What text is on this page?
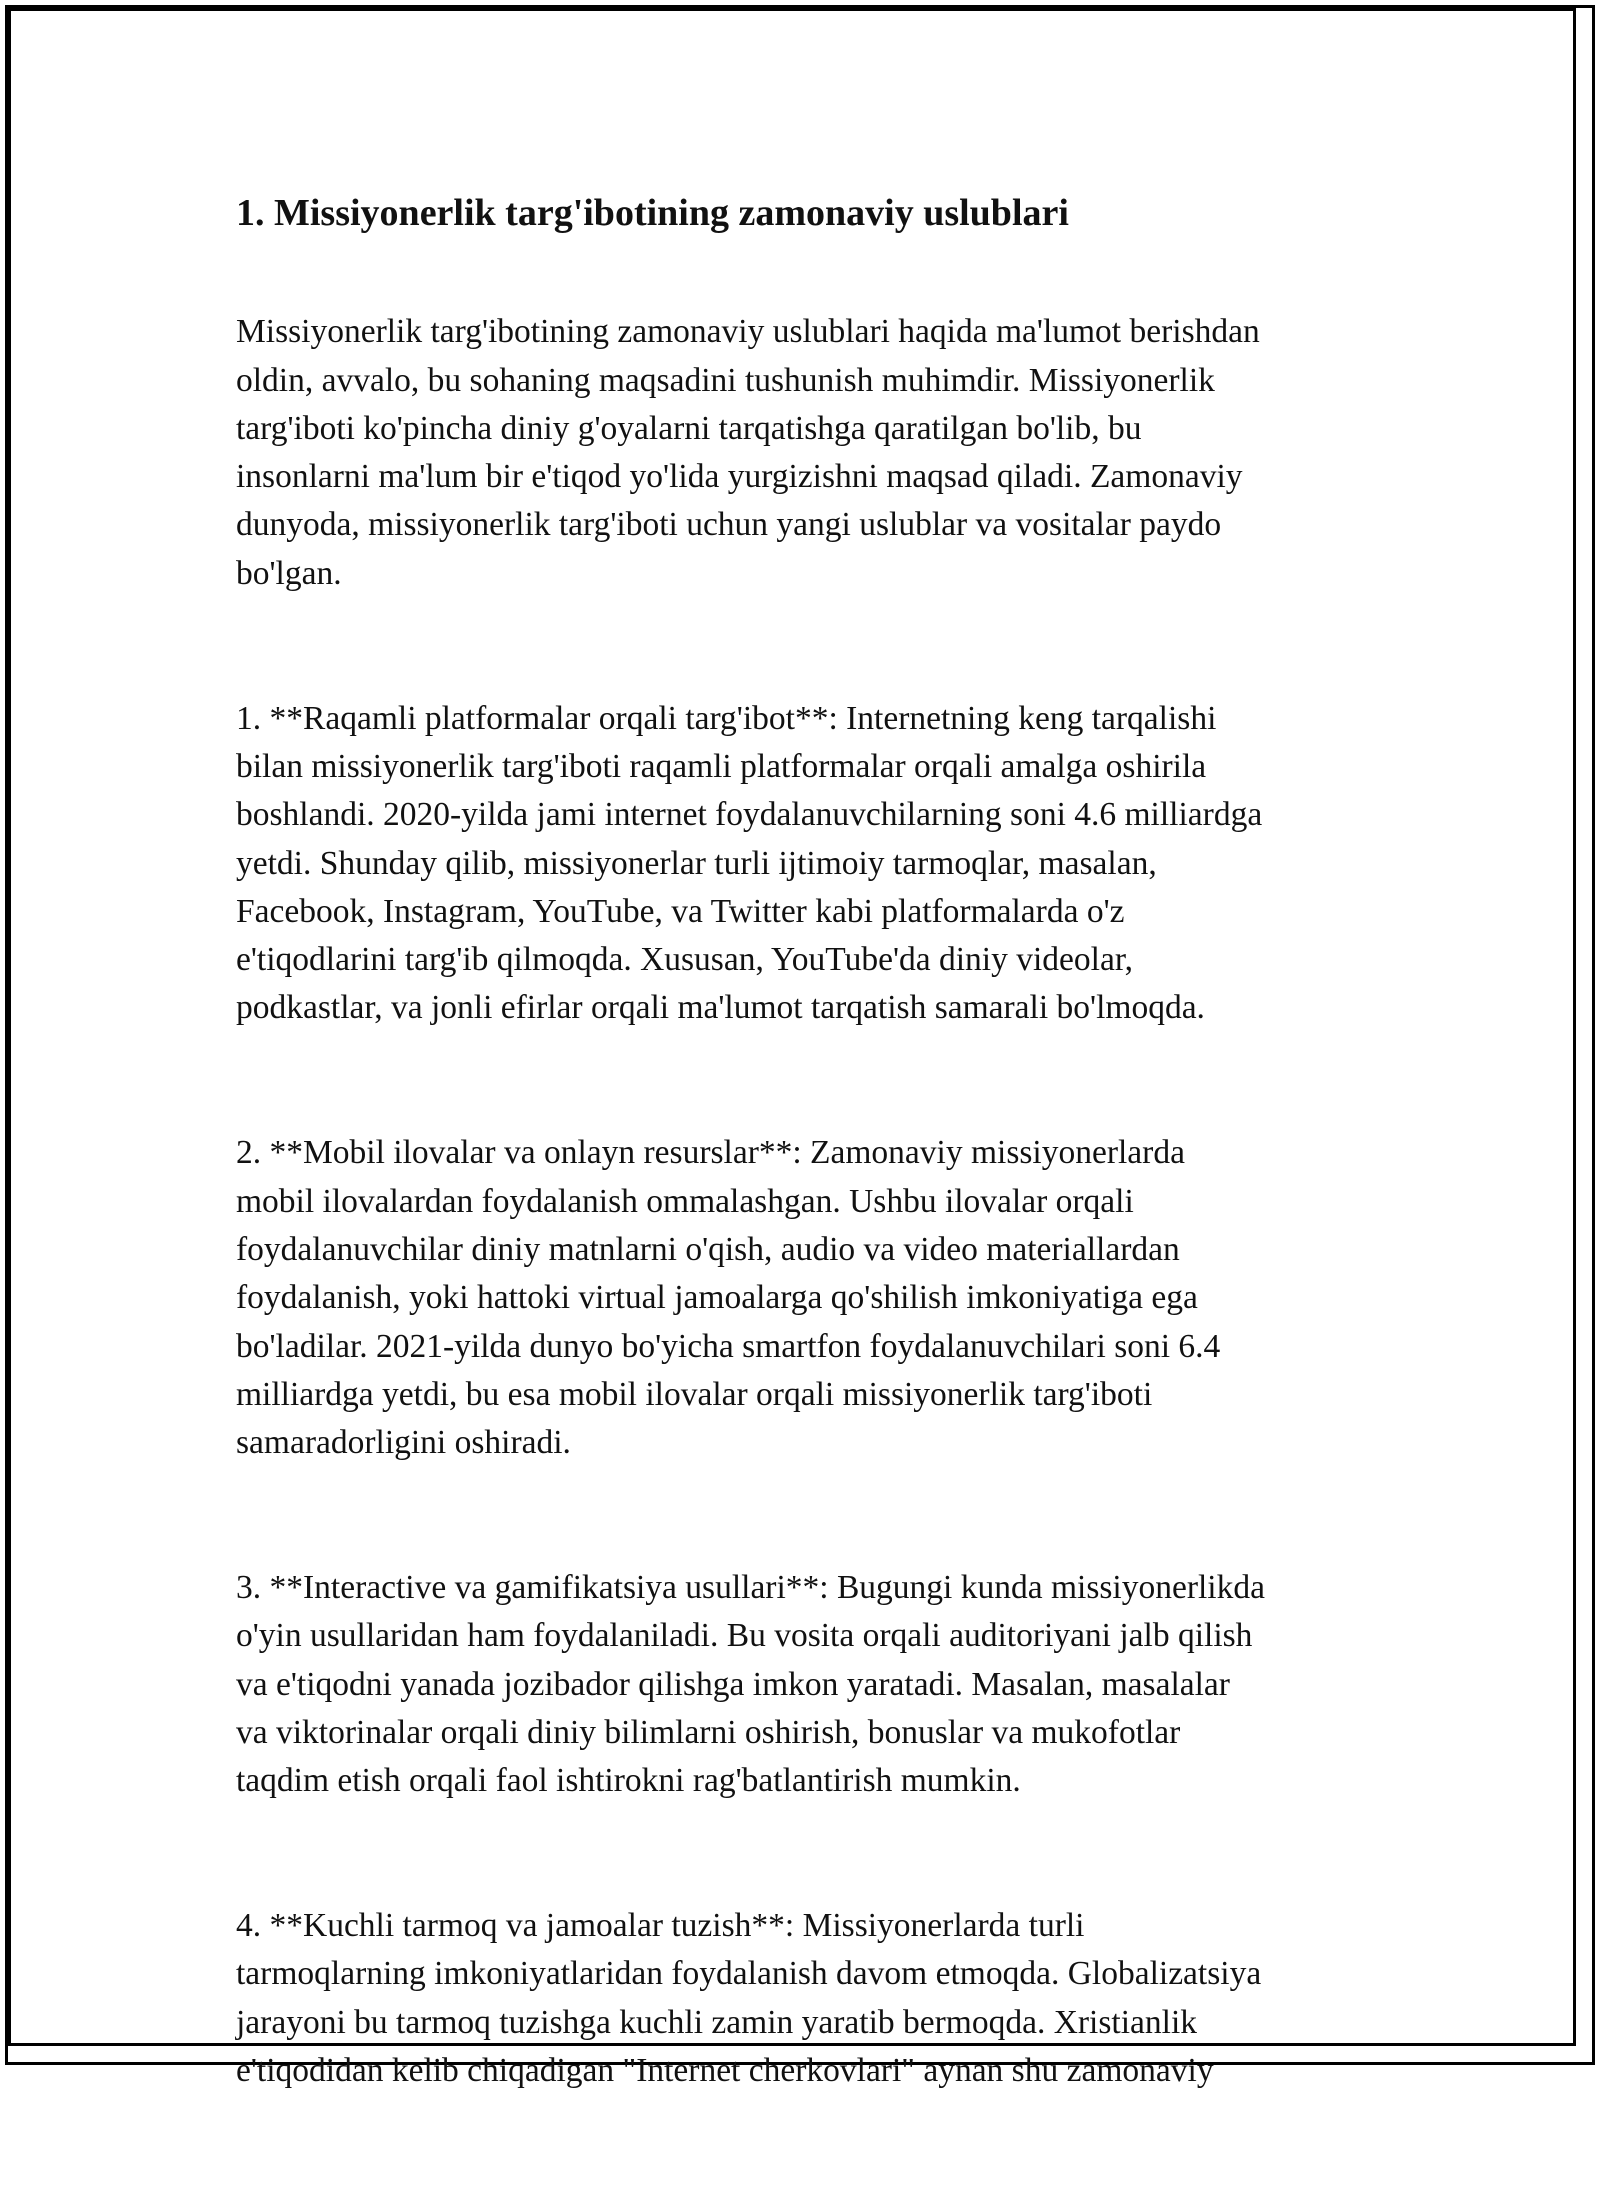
1. Missiyonerlik targ'ibotining zamonaviy uslublari

Missiyonerlik targ'ibotining zamonaviy uslublari haqida ma'lumot berishdan
oldin, avvalo, bu sohaning maqsadini tushunish muhimdir. Missiyonerlik
targ'iboti ko'pincha diniy g'oyalarni tarqatishga qaratilgan bo'lib, bu
insonlarni ma'lum bir e'tiqod yo'lida yurgizishni maqsad qiladi. Zamonaviy
dunyoda, missiyonerlik targ'iboti uchun yangi uslublar va vositalar paydo
bo'lgan.

1. **Raqamli platformalar orqali targ'ibot**: Internetning keng tarqalishi
bilan missiyonerlik targ'iboti raqamli platformalar orqali amalga oshirila
boshlandi. 2020-yilda jami internet foydalanuvchilarning soni 4.6 milliardga
yetdi. Shunday qilib, missiyonerlar turli ijtimoiy tarmoqlar, masalan,
Facebook, Instagram, YouTube, va Twitter kabi platformalarda o'z
e'tiqodlarini targ'ib qilmoqda. Xususan, YouTube'da diniy videolar,
podkastlar, va jonli efirlar orqali ma'lumot tarqatish samarali bo'lmoqda.

2. **Mobil ilovalar va onlayn resurslar**: Zamonaviy missiyonerlarda
mobil ilovalardan foydalanish ommalashgan. Ushbu ilovalar orqali
foydalanuvchilar diniy matnlarni o'qish, audio va video materiallardan
foydalanish, yoki hattoki virtual jamoalarga qo'shilish imkoniyatiga ega
bo'ladilar. 2021-yilda dunyo bo'yicha smartfon foydalanuvchilari soni 6.4
milliardga yetdi, bu esa mobil ilovalar orqali missiyonerlik targ'iboti
samaradorligini oshiradi.

3. **Interactive va gamifikatsiya usullari**: Bugungi kunda missiyonerlikda
o'yin usullaridan ham foydalaniladi. Bu vosita orqali auditoriyani jalb qilish
va e'tiqodni yanada jozibador qilishga imkon yaratadi. Masalan, masalalar
va viktorinalar orqali diniy bilimlarni oshirish, bonuslar va mukofotlar
taqdim etish orqali faol ishtirokni rag'batlantirish mumkin.

4. **Kuchli tarmoq va jamoalar tuzish**: Missiyonerlarda turli
tarmoqlarning imkoniyatlaridan foydalanish davom etmoqda. Globalizatsiya
jarayoni bu tarmoq tuzishga kuchli zamin yaratib bermoqda. Xristianlik
e'tiqodidan kelib chiqadigan "Internet cherkovlari" aynan shu zamonaviy
